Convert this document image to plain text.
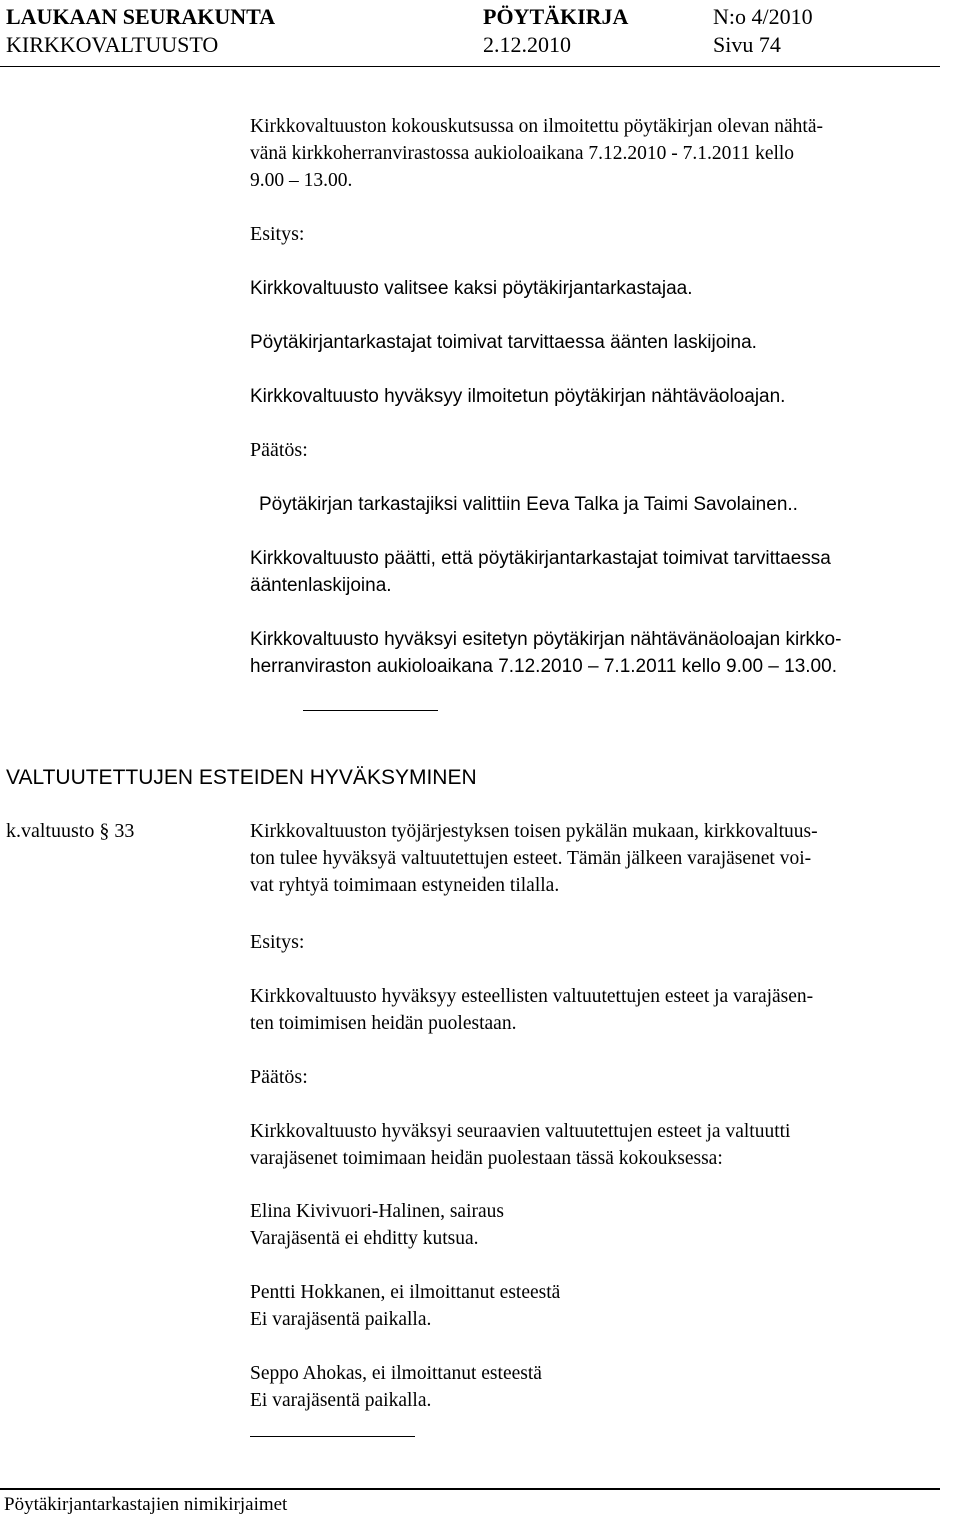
LAUKAAN SEURAKUNTA	PÖYTÄKIRJA	N:o 4/2010
KIRKKOVALTUUSTO	2.12.2010	Sivu 74
Kirkkovaltuuston kokouskutsussa on ilmoitettu pöytäkirjan olevan nähtä-
vänä kirkkoherranvirastossa aukioloaikana 7.12.2010 - 7.1.2011 kello
9.00 – 13.00.
Esitys:
Kirkkovaltuusto valitsee kaksi pöytäkirjantarkastajaa.
Pöytäkirjantarkastajat toimivat tarvittaessa äänten laskijoina.
Kirkkovaltuusto hyväksyy ilmoitetun pöytäkirjan nähtäväoloajan.
Päätös:
Pöytäkirjan tarkastajiksi valittiin Eeva Talka ja Taimi Savolainen..
Kirkkovaltuusto päätti, että pöytäkirjantarkastajat toimivat tarvittaessa
ääntenlaskijoina.
Kirkkovaltuusto hyväksyi esitetyn pöytäkirjan nähtävänäoloajan kirkko-
herranviraston aukioloaikana 7.12.2010 – 7.1.2011 kello 9.00 – 13.00.
VALTUUTETTUJEN ESTEIDEN HYVÄKSYMINEN
k.valtuusto § 33	Kirkkovaltuuston työjärjestyksen toisen pykälän mukaan, kirkkovaltuus-
ton tulee hyväksyä valtuutettujen esteet. Tämän jälkeen varajäsenet voi-
vat ryhtyä toimimaan estyneiden tilalla.
Esitys:
Kirkkovaltuusto hyväksyy esteellisten valtuutettujen esteet ja varajäsen-
ten toimimisen heidän puolestaan.
Päätös:
Kirkkovaltuusto hyväksyi seuraavien valtuutettujen esteet ja valtuutti
varajäsenet toimimaan heidän puolestaan tässä kokouksessa:
Elina Kivivuori-Halinen, sairaus
Varajäsentä ei ehditty kutsua.
Pentti Hokkanen, ei ilmoittanut esteestä
Ei varajäsentä paikalla.
Seppo Ahokas, ei ilmoittanut esteestä
Ei varajäsentä paikalla.
Pöytäkirjantarkastajien nimikirjaimet
